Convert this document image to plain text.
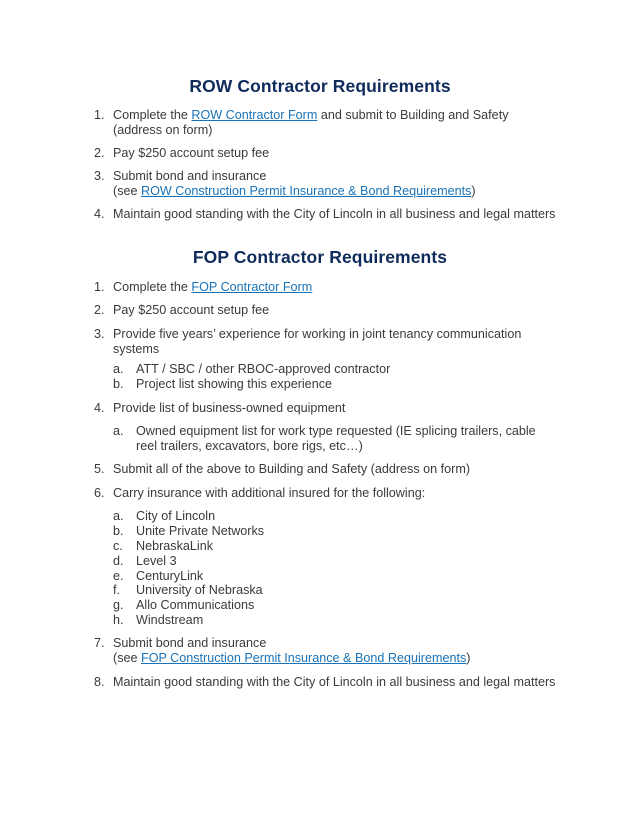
ROW Contractor Requirements
1. Complete the ROW Contractor Form and submit to Building and Safety
(address on form)
2. Pay $250 account setup fee
3. Submit bond and insurance
(see ROW Construction Permit Insurance & Bond Requirements)
4. Maintain good standing with the City of Lincoln in all business and legal matters
FOP Contractor Requirements
1. Complete the FOP Contractor Form
2. Pay $250 account setup fee
3. Provide five years’ experience for working in joint tenancy communication
systems
a. ATT / SBC / other RBOC-approved contractor
b. Project list showing this experience
4. Provide list of business-owned equipment
a. Owned equipment list for work type requested (IE splicing trailers, cable
reel trailers, excavators, bore rigs, etc…)
5. Submit all of the above to Building and Safety (address on form)
6. Carry insurance with additional insured for the following:
a. City of Lincoln
b. Unite Private Networks
c. NebraskaLink
d. Level 3
e. CenturyLink
f. University of Nebraska
g. Allo Communications
h. Windstream
7. Submit bond and insurance
(see FOP Construction Permit Insurance & Bond Requirements)
8. Maintain good standing with the City of Lincoln in all business and legal matters
